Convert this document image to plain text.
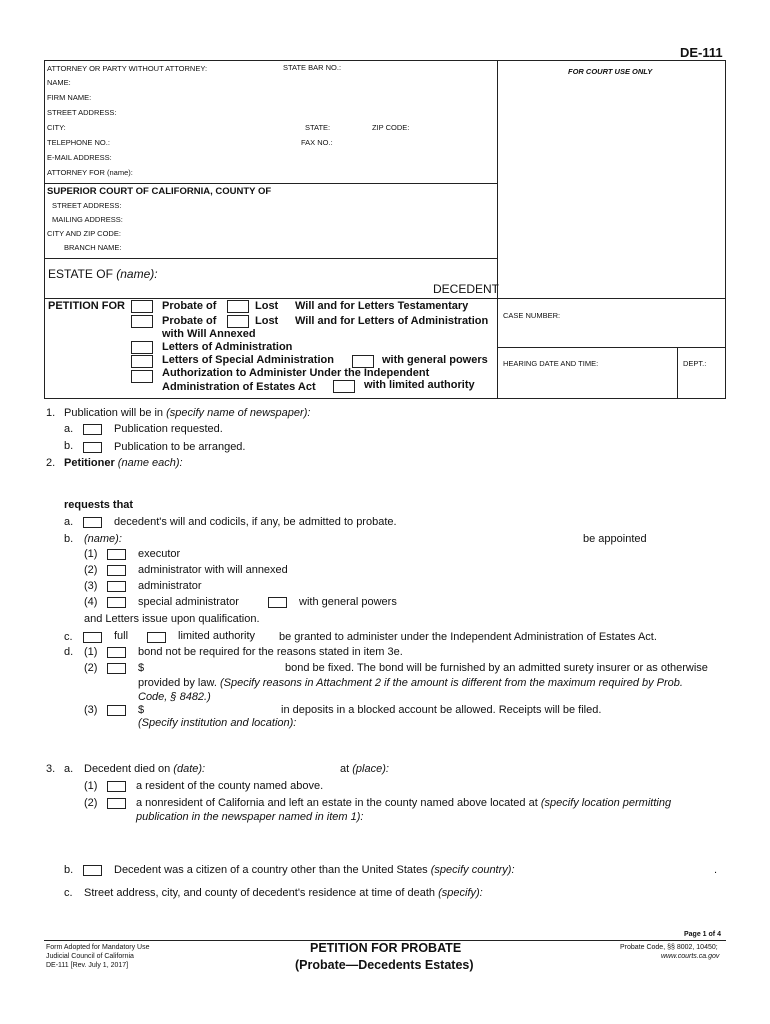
DE-111
ATTORNEY OR PARTY WITHOUT ATTORNEY:	STATE BAR NO.:	FOR COURT USE ONLY
NAME:
FIRM NAME:
STREET ADDRESS:
CITY:	STATE:	ZIP CODE:
TELEPHONE NO.:	FAX NO.:
E-MAIL ADDRESS:
ATTORNEY FOR (name):
SUPERIOR COURT OF CALIFORNIA, COUNTY OF
STREET ADDRESS:
MAILING ADDRESS:
CITY AND ZIP CODE:
BRANCH NAME:
ESTATE OF (name):
DECEDENT
PETITION FOR	Probate of	Lost Will and for Letters Testamentary
Probate of	Lost Will and for Letters of Administration
with Will Annexed
Letters of Administration
Letters of Special Administration	with general powers
Authorization to Administer Under the Independent
Administration of Estates Act	with limited authority
CASE NUMBER:
HEARING DATE AND TIME:	DEPT.:
1. Publication will be in (specify name of newspaper):
a.	Publication requested.
b.	Publication to be arranged.
2. Petitioner (name each):
requests that
a.	decedent's will and codicils, if any, be admitted to probate.
b. (name):	be appointed
(1)	executor
(2)	administrator with will annexed
(3)	administrator
(4)	special administrator	with general powers
and Letters issue upon qualification.
c.	full	limited authority be granted to administer under the Independent Administration of Estates Act.
d. (1)	bond not be required for the reasons stated in item 3e.
(2)	$	bond be fixed. The bond will be furnished by an admitted surety insurer or as otherwise
provided by law. (Specify reasons in Attachment 2 if the amount is different from the maximum required by Prob.
Code, § 8482.)
(3)	$	in deposits in a blocked account be allowed. Receipts will be filed.
(Specify institution and location):
3. a. Decedent died on (date):	at (place):
(1)	a resident of the county named above.
(2)	a nonresident of California and left an estate in the county named above located at (specify location permitting
publication in the newspaper named in item 1):
b.	Decedent was a citizen of a country other than the United States (specify country):	.
c. Street address, city, and county of decedent's residence at time of death (specify):
Page 1 of 4
Form Adopted for Mandatory Use
Judicial Council of California
DE-111 [Rev. July 1, 2017]
PETITION FOR PROBATE
(Probate—Decedents Estates)
Probate Code, §§ 8002, 10450;
www.courts.ca.gov
